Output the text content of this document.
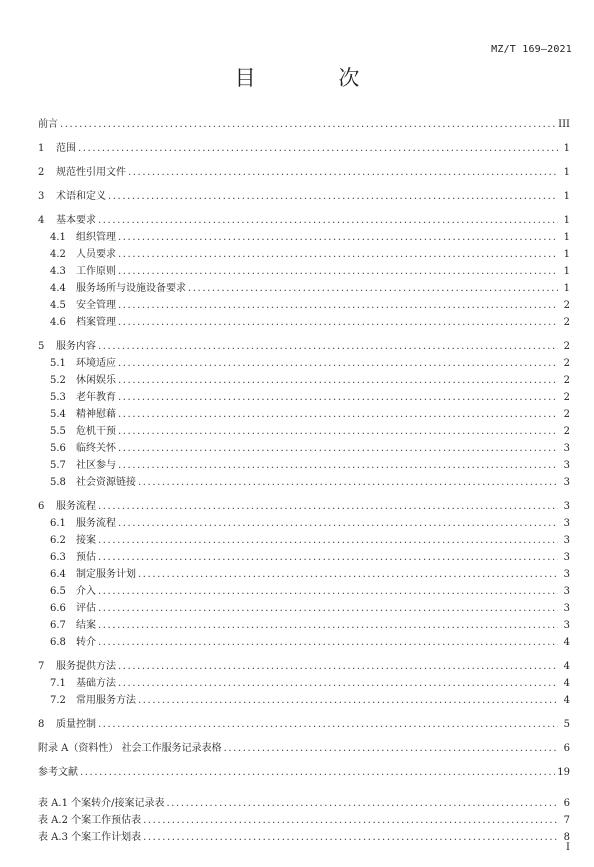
MZ/T 169—2021
目 次
前言 .....	III
1	范围 .....	1
2	规范性引用文件 .....	1
3	术语和定义 .....	1
4	基本要求 .....	1
4.1	组织管理 .....	1
4.2	人员要求 .....	1
4.3	工作原则 .....	1
4.4	服务场所与设施设备要求 .....	1
4.5	安全管理 .....	2
4.6	档案管理 .....	2
5	服务内容 .....	2
5.1	环境适应 .....	2
5.2	休闲娱乐 .....	2
5.3	老年教育 .....	2
5.4	精神慰藉 .....	2
5.5	危机干预 .....	2
5.6	临终关怀 .....	3
5.7	社区参与 .....	3
5.8	社会资源链接 .....	3
6	服务流程 .....	3
6.1	服务流程 .....	3
6.2	接案 .....	3
6.3	预估 .....	3
6.4	制定服务计划 .....	3
6.5	介入 .....	3
6.6	评估 .....	3
6.7	结案 .....	3
6.8	转介 .....	4
7	服务提供方法 .....	4
7.1	基础方法 .....	4
7.2	常用服务方法 .....	4
8	质量控制 .....	5
附录 A（资料性） 社会工作服务记录表格 .....	6
参考文献 .....	19
表 A.1 个案转介/接案记录表 .....	6
表 A.2 个案工作预估表 .....	7
表 A.3 个案工作计划表 .....	8
I
